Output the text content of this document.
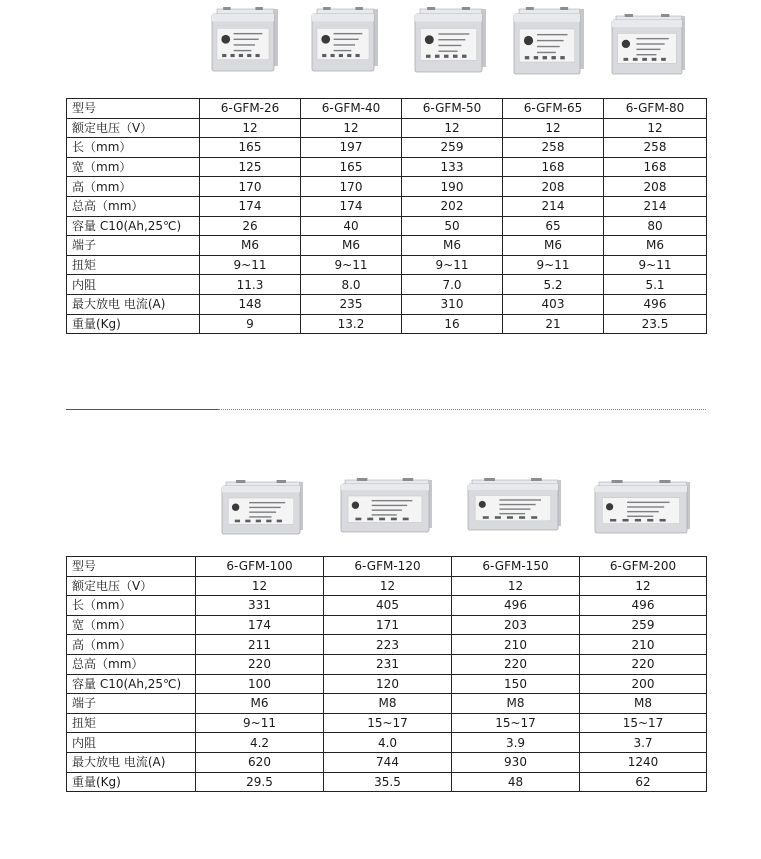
型号	6-GFM-26	6-GFM-40	6-GFM-50	6-GFM-65	6-GFM-80
额定电压（V）	12	12	12	12	12
长（mm）	165	197	259	258	258
宽（mm）	125	165	133	168	168
高（mm）	170	170	190	208	208
总高（mm）	174	174	202	214	214
容量 C10(Ah,25℃)	26	40	50	65	80
端子	M6	M6	M6	M6	M6
扭矩	9~11	9~11	9~11	9~11	9~11
内阻	11.3	8.0	7.0	5.2	5.1
最大放电 电流(A)	148	235	310	403	496
重量(Kg)	9	13.2	16	21	23.5
型号	6-GFM-100	6-GFM-120	6-GFM-150	6-GFM-200
额定电压（V）	12	12	12	12
长（mm）	331	405	496	496
宽（mm）	174	171	203	259
高（mm）	211	223	210	210
总高（mm）	220	231	220	220
容量 C10(Ah,25℃)	100	120	150	200
端子	M6	M8	M8	M8
扭矩	9~11	15~17	15~17	15~17
内阻	4.2	4.0	3.9	3.7
最大放电 电流(A)	620	744	930	1240
重量(Kg)	29.5	35.5	48	62
